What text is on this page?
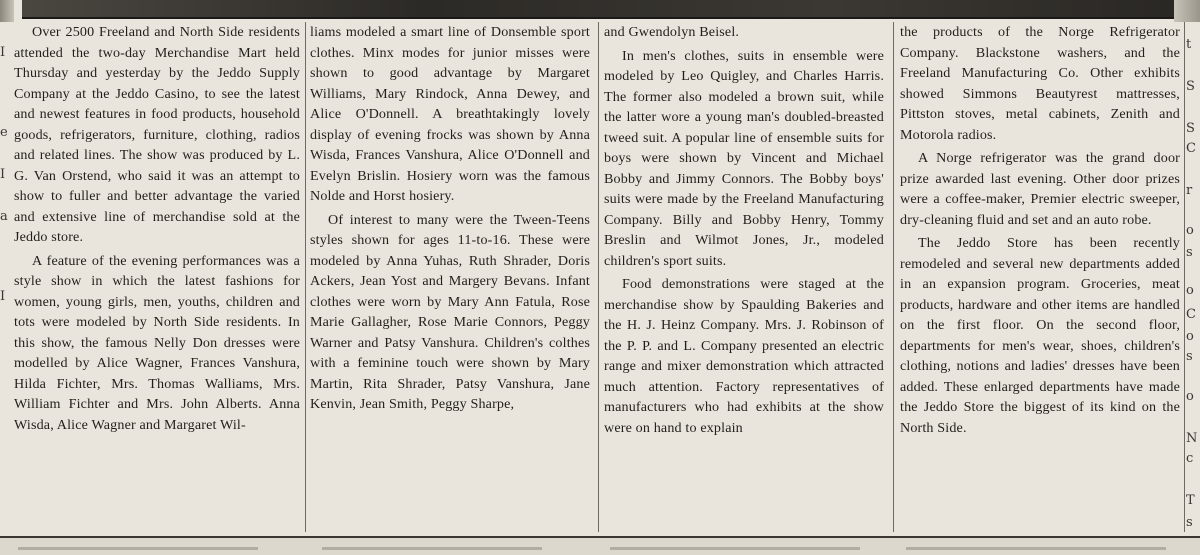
I
e
I
a
I

Over 2500 Freeland and North Side residents attended the two-day Merchandise Mart held Thursday and yesterday by the Jeddo Supply Company at the Jeddo Casino, to see the latest and newest features in food products, household goods, refrigerators, furniture, clothing, radios and related lines. The show was produced by L. G. Van Orstend, who said it was an attempt to show to fuller and better advantage the varied and extensive line of merchandise sold at the Jeddo store.

A feature of the evening performances was a style show in which the latest fashions for women, young girls, men, youths, children and tots were modeled by North Side residents. In this show, the famous Nelly Don dresses were modelled by Alice Wagner, Frances Vanshura, Hilda Fichter, Mrs. Thomas Walliams, Mrs. William Fichter and Mrs. John Alberts. Anna Wisda, Alice Wagner and Margaret Wil-

liams modeled a smart line of Donsemble sport clothes. Minx modes for junior misses were shown to good advantage by Margaret Williams, Mary Rindock, Anna Dewey, and Alice O'Donnell. A breathtakingly lovely display of evening frocks was shown by Anna Wisda, Frances Vanshura, Alice O'Donnell and Evelyn Brislin. Hosiery worn was the famous Nolde and Horst hosiery.

Of interest to many were the Tween-Teens styles shown for ages 11-to-16. These were modeled by Anna Yuhas, Ruth Shrader, Doris Ackers, Jean Yost and Margery Bevans. Infant clothes were worn by Mary Ann Fatula, Rose Marie Gallagher, Rose Marie Connors, Peggy Warner and Patsy Vanshura. Children's colthes with a feminine touch were shown by Mary Martin, Rita Shrader, Patsy Vanshura, Jane Kenvin, Jean Smith, Peggy Sharpe,

and Gwendolyn Beisel.

In men's clothes, suits in ensemble were modeled by Leo Quigley, and Charles Harris. The former also modeled a brown suit, while the latter wore a young man's doubled-breasted tweed suit. A popular line of ensemble suits for boys were shown by Vincent and Michael Bobby and Jimmy Connors. The Bobby boys' suits were made by the Freeland Manufacturing Company. Billy and Bobby Henry, Tommy Breslin and Wilmot Jones, Jr., modeled children's sport suits.

Food demonstrations were staged at the merchandise show by Spaulding Bakeries and the H. J. Heinz Company. Mrs. J. Robinson of the P. P. and L. Company presented an electric range and mixer demonstration which attracted much attention. Factory representatives of manufacturers who had exhibits at the show were on hand to explain

the products of the Norge Refrigerator Company. Blackstone washers, and the Freeland Manufacturing Co. Other exhibits showed Simmons Beautyrest mattresses, Pittston stoves, metal cabinets, Zenith and Motorola radios.

A Norge refrigerator was the grand door prize awarded last evening. Other door prizes were a coffee-maker, Premier electric sweeper, dry-cleaning fluid and set and an auto robe.

The Jeddo Store has been recently remodeled and several new departments added in an expansion program. Groceries, meat products, hardware and other items are handled on the first floor. On the second floor, departments for men's wear, shoes, children's clothing, notions and ladies' dresses have been added. These enlarged departments have made the Jeddo Store the biggest of its kind on the North Side.

t
S
S
C
r
o
s
o
C
o
s
o
N
c
T
s
